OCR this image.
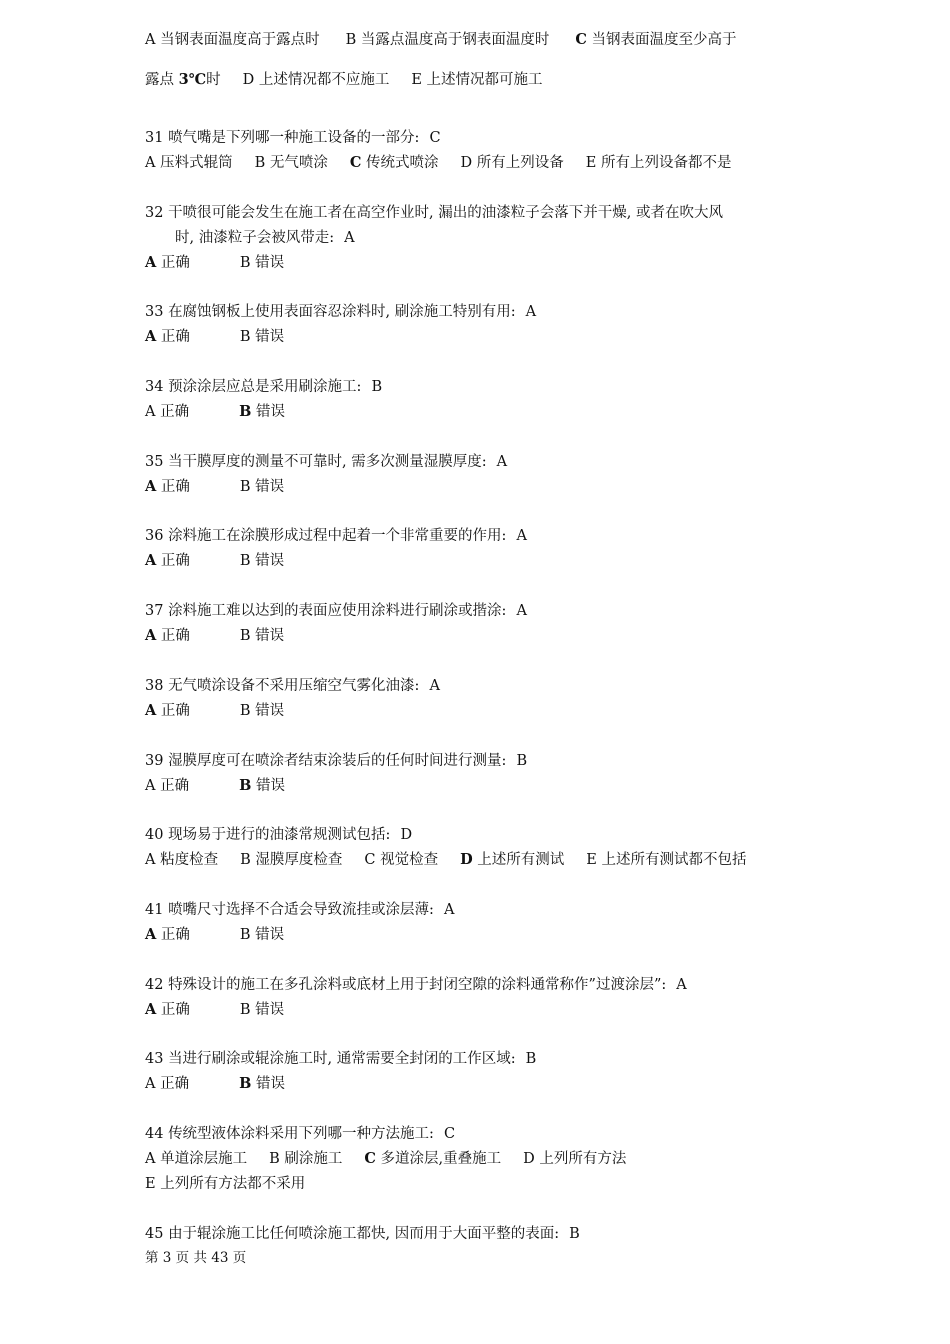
A 当钢表面温度高于露点时 B 当露点温度高于钢表面温度时 C 当钢表面温度至少高于
露点 3℃时 D 上述情况都不应施工 E 上述情况都可施工
31 喷气嘴是下列哪一种施工设备的一部分: C
A 压料式辊筒 B 无气喷涂 C 传统式喷涂 D 所有上列设备 E 所有上列设备都不是
32 干喷很可能会发生在施工者在高空作业时, 漏出的油漆粒子会落下并干燥, 或者在吹大风
时, 油漆粒子会被风带走: A
A 正确	B 错误
33 在腐蚀钢板上使用表面容忍涂料时, 刷涂施工特别有用: A
A 正确	B 错误
34 预涂涂层应总是采用刷涂施工: B
A 正确	B 错误
35 当干膜厚度的测量不可靠时, 需多次测量湿膜厚度: A
A 正确	B 错误
36 涂料施工在涂膜形成过程中起着一个非常重要的作用: A
A 正确	B 错误
37 涂料施工难以达到的表面应使用涂料进行刷涂或揩涂: A
A 正确	B 错误
38 无气喷涂设备不采用压缩空气雾化油漆: A
A 正确	B 错误
39 湿膜厚度可在喷涂者结束涂装后的任何时间进行测量: B
A 正确	B 错误
40 现场易于进行的油漆常规测试包括: D
A 粘度检查 B 湿膜厚度检查 C 视觉检查 D 上述所有测试 E 上述所有测试都不包括
41 喷嘴尺寸选择不合适会导致流挂或涂层薄: A
A 正确	B 错误
42 特殊设计的施工在多孔涂料或底材上用于封闭空隙的涂料通常称作”过渡涂层”: A
A 正确	B 错误
43 当进行刷涂或辊涂施工时, 通常需要全封闭的工作区域: B
A 正确	B 错误
44 传统型液体涂料采用下列哪一种方法施工: C
A 单道涂层施工 B 刷涂施工 C 多道涂层,重叠施工 D 上列所有方法
E 上列所有方法都不采用
45 由于辊涂施工比任何喷涂施工都快, 因而用于大面平整的表面: B
第 3 页 共 43 页
